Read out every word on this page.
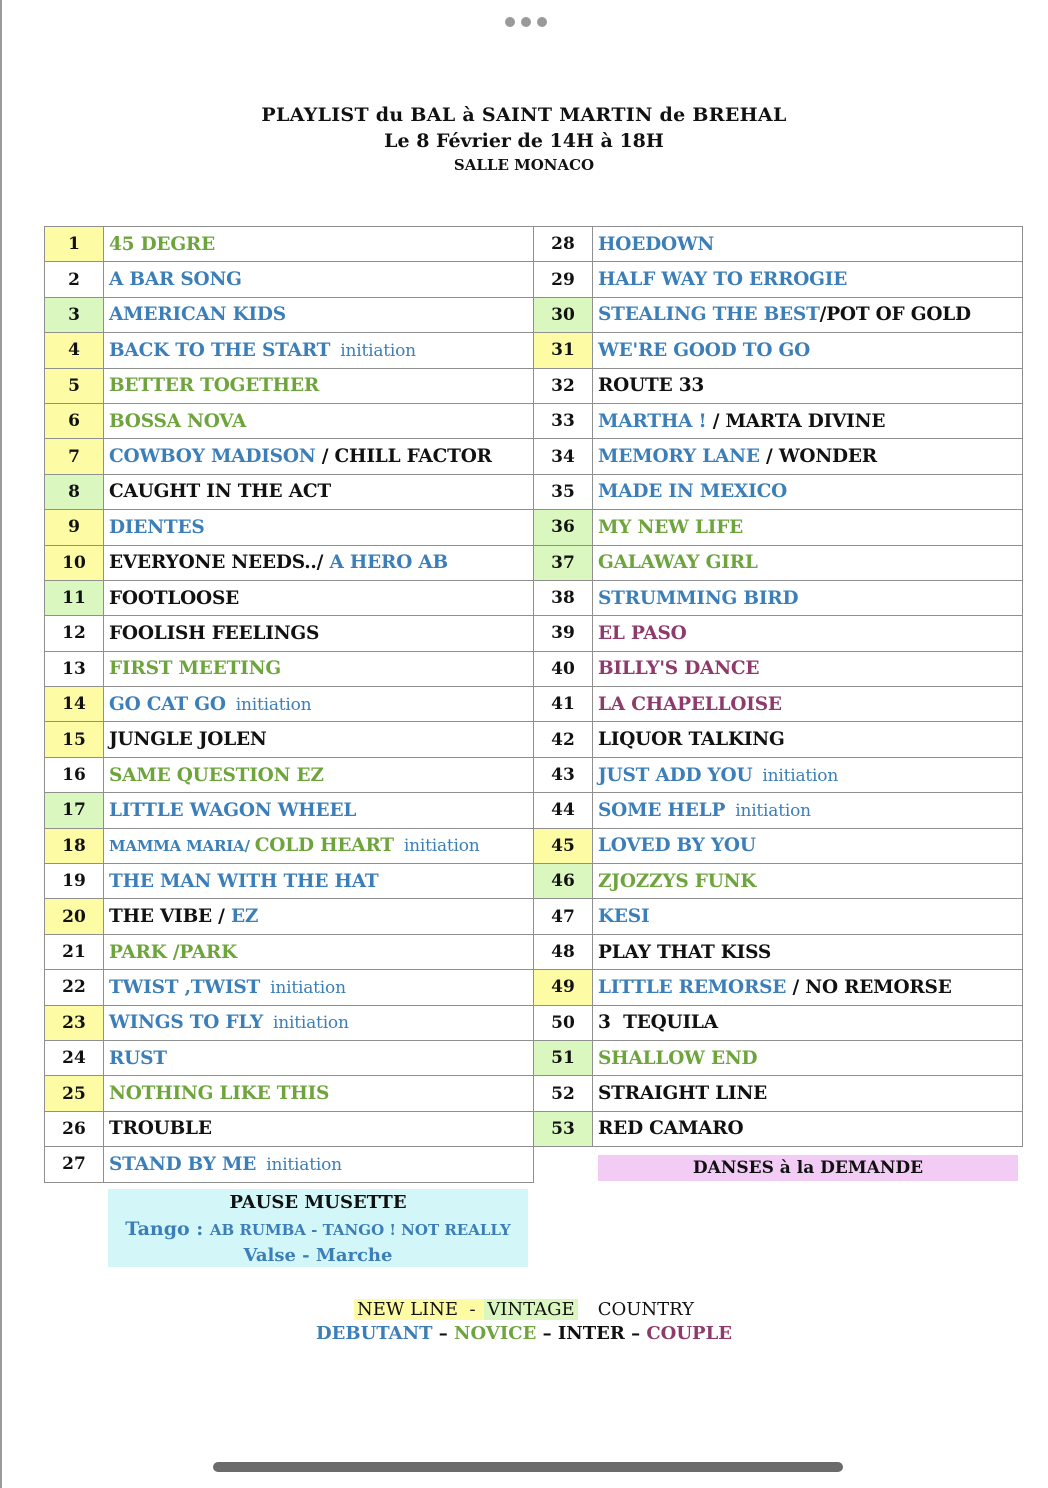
PLAYLIST du BAL à SAINT MARTIN de BREHAL
Le 8 Février de 14H à 18H
SALLE MONACO
1	45 DEGRE
2	A BAR SONG
3	AMERICAN KIDS
4	BACK TO THE START initiation
5	BETTER TOGETHER
6	BOSSA NOVA
7	COWBOY MADISON / CHILL FACTOR
8	CAUGHT IN THE ACT
9	DIENTES
10	EVERYONE NEEDS../ A HERO AB
11	FOOTLOOSE
12	FOOLISH FEELINGS
13	FIRST MEETING
14	GO CAT GO initiation
15	JUNGLE JOLEN
16	SAME QUESTION EZ
17	LITTLE WAGON WHEEL
18	MAMMA MARIA/ COLD HEART initiation
19	THE MAN WITH THE HAT
20	THE VIBE / EZ
21	PARK /PARK
22	TWIST ,TWIST initiation
23	WINGS TO FLY initiation
24	RUST
25	NOTHING LIKE THIS
26	TROUBLE
27	STAND BY ME initiation
28	HOEDOWN
29	HALF WAY TO ERROGIE
30	STEALING THE BEST/POT OF GOLD
31	WE'RE GOOD TO GO
32	ROUTE 33
33	MARTHA ! / MARTA DIVINE
34	MEMORY LANE / WONDER
35	MADE IN MEXICO
36	MY NEW LIFE
37	GALAWAY GIRL
38	STRUMMING BIRD
39	EL PASO
40	BILLY'S DANCE
41	LA CHAPELLOISE
42	LIQUOR TALKING
43	JUST ADD YOU initiation
44	SOME HELP initiation
45	LOVED BY YOU
46	ZJOZZYS FUNK
47	KESI
48	PLAY THAT KISS
49	LITTLE REMORSE / NO REMORSE
50	3  TEQUILA
51	SHALLOW END
52	STRAIGHT LINE
53	RED CAMARO
DANSES à la DEMANDE
PAUSE MUSETTE
Tango : AB RUMBA - TANGO ! NOT REALLY
Valse - Marche
NEW LINE  - VINTAGE COUNTRY
DEBUTANT – NOVICE – INTER – COUPLE
